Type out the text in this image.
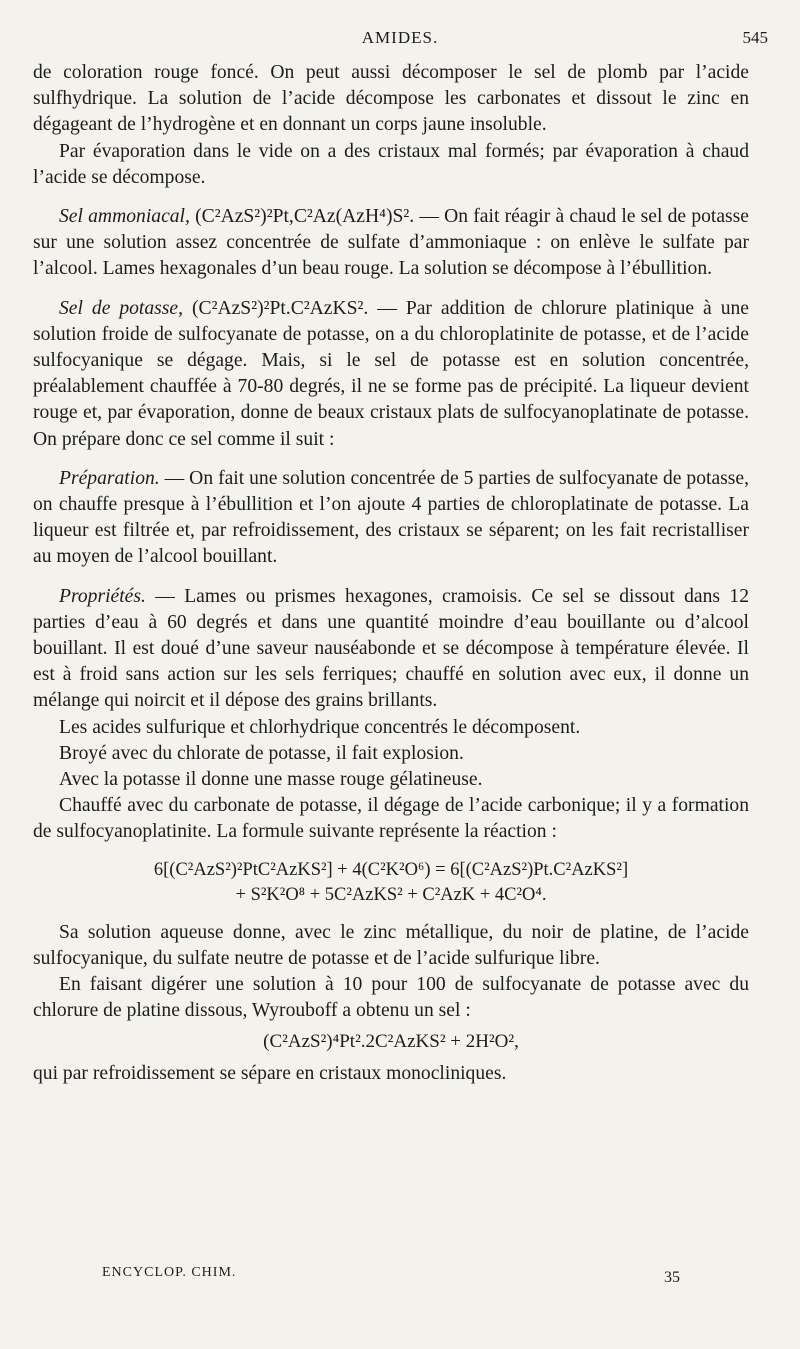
AMIDES.	545

de coloration rouge foncé. On peut aussi décomposer le sel de plomb par l’acide sulfhydrique. La solution de l’acide décompose les carbonates et dissout le zinc en dégageant de l’hydrogène et en donnant un corps jaune insoluble.

Par évaporation dans le vide on a des cristaux mal formés; par évaporation à chaud l’acide se décompose.

Sel ammoniacal, (C²AzS²)²Pt,C²Az(AzH⁴)S². — On fait réagir à chaud le sel de potasse sur une solution assez concentrée de sulfate d’ammoniaque : on enlève le sulfate par l’alcool. Lames hexagonales d’un beau rouge. La solution se décompose à l’ébullition.

Sel de potasse, (C²AzS²)²Pt.C²AzKS². — Par addition de chlorure platinique à une solution froide de sulfocyanate de potasse, on a du chloroplatinite de potasse, et de l’acide sulfocyanique se dégage. Mais, si le sel de potasse est en solution concentrée, préalablement chauffée à 70-80 degrés, il ne se forme pas de précipité. La liqueur devient rouge et, par évaporation, donne de beaux cristaux plats de sulfocyanoplatinate de potasse. On prépare donc ce sel comme il suit :

Préparation. — On fait une solution concentrée de 5 parties de sulfocyanate de potasse, on chauffe presque à l’ébullition et l’on ajoute 4 parties de chloroplatinate de potasse. La liqueur est filtrée et, par refroidissement, des cristaux se séparent; on les fait recristalliser au moyen de l’alcool bouillant.

Propriétés. — Lames ou prismes hexagones, cramoisis. Ce sel se dissout dans 12 parties d’eau à 60 degrés et dans une quantité moindre d’eau bouillante ou d’alcool bouillant. Il est doué d’une saveur nauséabonde et se décompose à température élevée. Il est à froid sans action sur les sels ferriques; chauffé en solution avec eux, il donne un mélange qui noircit et il dépose des grains brillants.

Les acides sulfurique et chlorhydrique concentrés le décomposent.

Broyé avec du chlorate de potasse, il fait explosion.

Avec la potasse il donne une masse rouge gélatineuse.

Chauffé avec du carbonate de potasse, il dégage de l’acide carbonique; il y a formation de sulfocyanoplatinite. La formule suivante représente la réaction :

6[(C²AzS²)²PtC²AzKS²] + 4(C²K²O⁶) = 6[(C²AzS²)Pt.C²AzKS²]
+ S²K²O⁸ + 5C²AzKS² + C²AzK + 4C²O⁴.

Sa solution aqueuse donne, avec le zinc métallique, du noir de platine, de l’acide sulfocyanique, du sulfate neutre de potasse et de l’acide sulfurique libre.

En faisant digérer une solution à 10 pour 100 de sulfocyanate de potasse avec du chlorure de platine dissous, Wyrouboff a obtenu un sel :

(C²AzS²)⁴Pt².2C²AzKS² + 2H²O²,

qui par refroidissement se sépare en cristaux monocliniques.

ENCYCLOP. CHIM.	35
